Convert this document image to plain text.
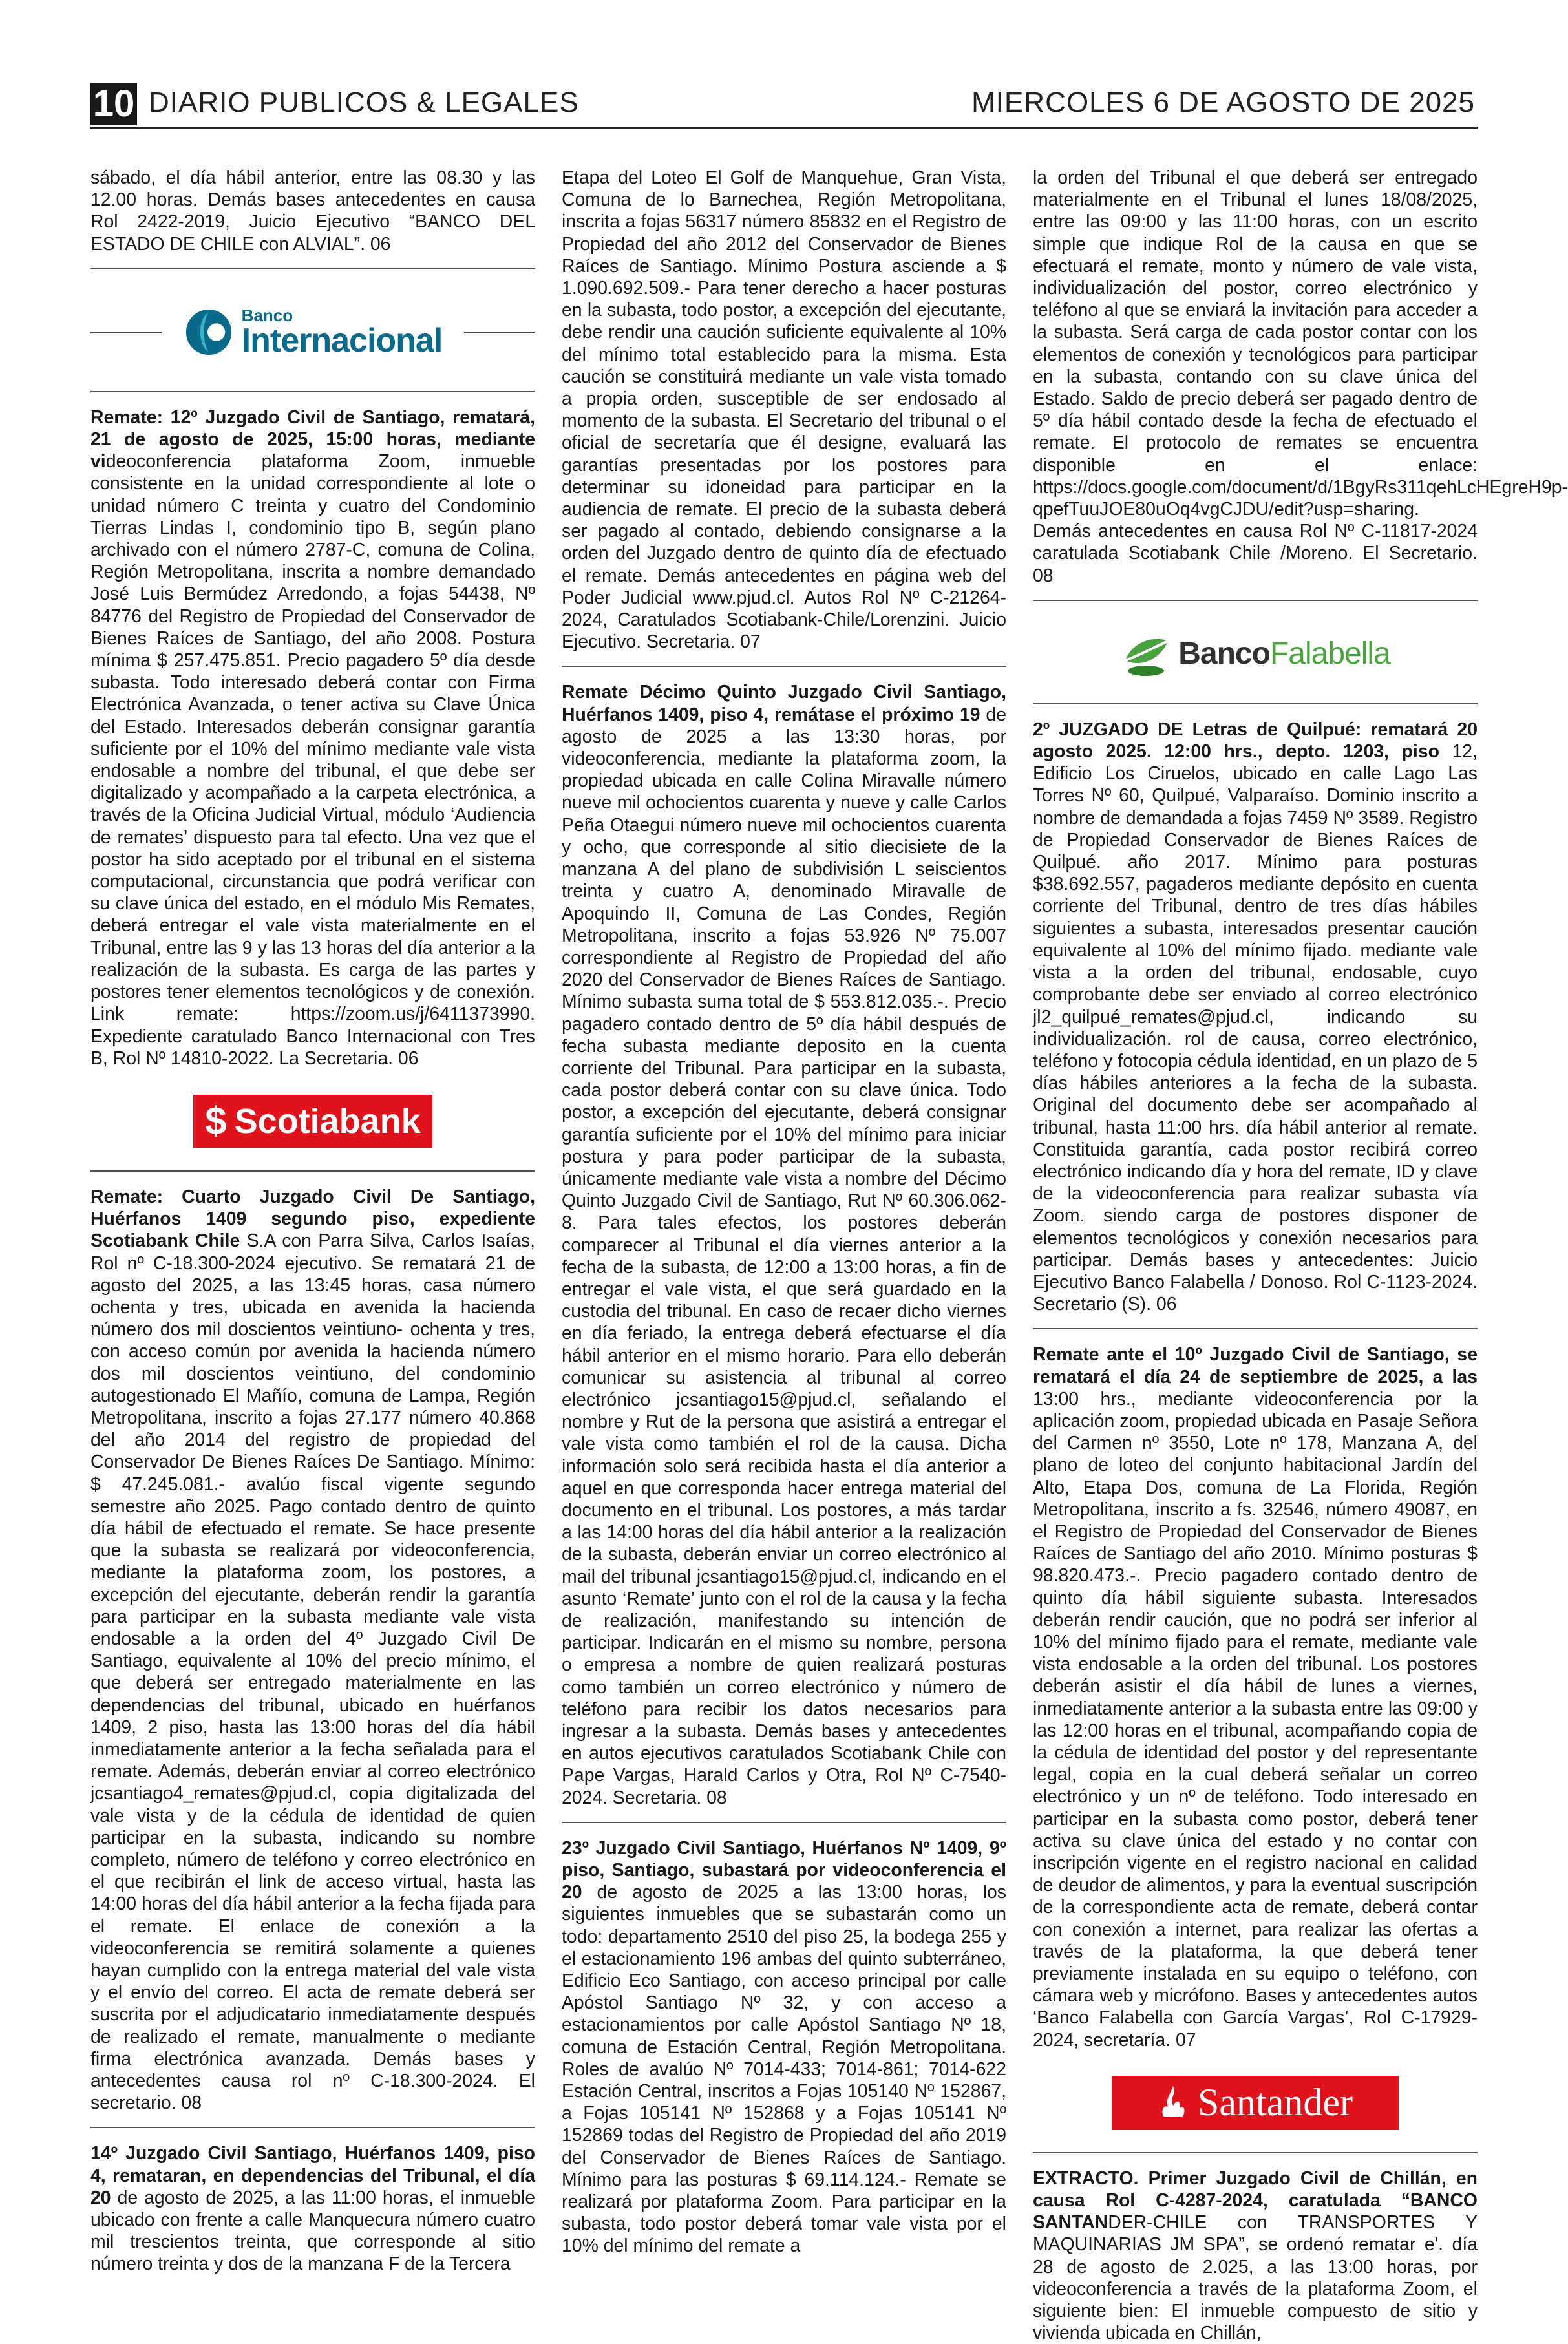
10 DIARIO PUBLICOS & LEGALES	MIERCOLES 6 DE AGOSTO DE 2025

sábado, el día hábil anterior, entre las 08.30 y las 12.00 horas. Demás bases antecedentes en causa Rol 2422-2019, Juicio Ejecutivo “BANCO DEL ESTADO DE CHILE con ALVIAL”. 06

Banco
Internacional

Remate: 12º Juzgado Civil de Santiago, rematará, 21 de agosto de 2025, 15:00 horas, mediante videoconferencia plataforma Zoom, inmueble consistente en la unidad correspondiente al lote o unidad número C treinta y cuatro del Condominio Tierras Lindas I, condominio tipo B, según plano archivado con el número 2787-C, comuna de Colina, Región Metropolitana, inscrita a nombre demandado José Luis Bermúdez Arredondo, a fojas 54438, Nº 84776 del Registro de Propiedad del Conservador de Bienes Raíces de Santiago, del año 2008. Postura mínima $ 257.475.851. Precio pagadero 5º día desde subasta. Todo interesado deberá contar con Firma Electrónica Avanzada, o tener activa su Clave Única del Estado. Interesados deberán consignar garantía suficiente por el 10% del mínimo mediante vale vista endosable a nombre del tribunal, el que debe ser digitalizado y acompañado a la carpeta electrónica, a través de la Oficina Judicial Virtual, módulo ‘Audiencia de remates’ dispuesto para tal efecto. Una vez que el postor ha sido aceptado por el tribunal en el sistema computacional, circunstancia que podrá verificar con su clave única del estado, en el módulo Mis Remates, deberá entregar el vale vista materialmente en el Tribunal, entre las 9 y las 13 horas del día anterior a la realización de la subasta. Es carga de las partes y postores tener elementos tecnológicos y de conexión. Link remate: https://zoom.us/j/6411373990. Expediente caratulado Banco Internacional con Tres B, Rol Nº 14810-2022. La Secretaria. 06

$ Scotiabank

Remate: Cuarto Juzgado Civil De Santiago, Huérfanos 1409 segundo piso, expediente Scotiabank Chile S.A con Parra Silva, Carlos Isaías, Rol nº C-18.300-2024 ejecutivo. Se rematará 21 de agosto del 2025, a las 13:45 horas, casa número ochenta y tres, ubicada en avenida la hacienda número dos mil doscientos veintiuno- ochenta y tres, con acceso común por avenida la hacienda número dos mil doscientos veintiuno, del condominio autogestionado El Mañío, comuna de Lampa, Región Metropolitana, inscrito a fojas 27.177 número 40.868 del año 2014 del registro de propiedad del Conservador De Bienes Raíces De Santiago. Mínimo: $ 47.245.081.- avalúo fiscal vigente segundo semestre año 2025. Pago contado dentro de quinto día hábil de efectuado el remate. Se hace presente que la subasta se realizará por videoconferencia, mediante la plataforma zoom, los postores, a excepción del ejecutante, deberán rendir la garantía para participar en la subasta mediante vale vista endosable a la orden del 4º Juzgado Civil De Santiago, equivalente al 10% del precio mínimo, el que deberá ser entregado materialmente en las dependencias del tribunal, ubicado en huérfanos 1409, 2 piso, hasta las 13:00 horas del día hábil inmediatamente anterior a la fecha señalada para el remate. Además, deberán enviar al correo electrónico jcsantiago4_remates@pjud.cl, copia digitalizada del vale vista y de la cédula de identidad de quien participar en la subasta, indicando su nombre completo, número de teléfono y correo electrónico en el que recibirán el link de acceso virtual, hasta las 14:00 horas del día hábil anterior a la fecha fijada para el remate. El enlace de conexión a la videoconferencia se remitirá solamente a quienes hayan cumplido con la entrega material del vale vista y el envío del correo. El acta de remate deberá ser suscrita por el adjudicatario inmediatamente después de realizado el remate, manualmente o mediante firma electrónica avanzada. Demás bases y antecedentes causa rol nº C-18.300-2024. El secretario. 08

14º Juzgado Civil Santiago, Huérfanos 1409, piso 4, remataran, en dependencias del Tribunal, el día 20 de agosto de 2025, a las 11:00 horas, el inmueble ubicado con frente a calle Manquecura número cuatro mil trescientos treinta, que corresponde al sitio número treinta y dos de la manzana F de la Tercera

Etapa del Loteo El Golf de Manquehue, Gran Vista, Comuna de lo Barnechea, Región Metropolitana, inscrita a fojas 56317 número 85832 en el Registro de Propiedad del año 2012 del Conservador de Bienes Raíces de Santiago. Mínimo Postura asciende a $ 1.090.692.509.- Para tener derecho a hacer posturas en la subasta, todo postor, a excepción del ejecutante, debe rendir una caución suficiente equivalente al 10% del mínimo total establecido para la misma. Esta caución se constituirá mediante un vale vista tomado a propia orden, susceptible de ser endosado al momento de la subasta. El Secretario del tribunal o el oficial de secretaría que él designe, evaluará las garantías presentadas por los postores para determinar su idoneidad para participar en la audiencia de remate. El precio de la subasta deberá ser pagado al contado, debiendo consignarse a la orden del Juzgado dentro de quinto día de efectuado el remate. Demás antecedentes en página web del Poder Judicial www.pjud.cl. Autos Rol Nº C-21264-2024, Caratulados Scotiabank-Chile/Lorenzini. Juicio Ejecutivo. Secretaria. 07

Remate Décimo Quinto Juzgado Civil Santiago, Huérfanos 1409, piso 4, remátase el próximo 19 de agosto de 2025 a las 13:30 horas, por videoconferencia, mediante la plataforma zoom, la propiedad ubicada en calle Colina Miravalle número nueve mil ochocientos cuarenta y nueve y calle Carlos Peña Otaegui número nueve mil ochocientos cuarenta y ocho, que corresponde al sitio diecisiete de la manzana A del plano de subdivisión L seiscientos treinta y cuatro A, denominado Miravalle de Apoquindo II, Comuna de Las Condes, Región Metropolitana, inscrito a fojas 53.926 Nº 75.007 correspondiente al Registro de Propiedad del año 2020 del Conservador de Bienes Raíces de Santiago. Mínimo subasta suma total de $ 553.812.035.-. Precio pagadero contado dentro de 5º día hábil después de fecha subasta mediante deposito en la cuenta corriente del Tribunal. Para participar en la subasta, cada postor deberá contar con su clave única. Todo postor, a excepción del ejecutante, deberá consignar garantía suficiente por el 10% del mínimo para iniciar postura y para poder participar de la subasta, únicamente mediante vale vista a nombre del Décimo Quinto Juzgado Civil de Santiago, Rut Nº 60.306.062-8. Para tales efectos, los postores deberán comparecer al Tribunal el día viernes anterior a la fecha de la subasta, de 12:00 a 13:00 horas, a fin de entregar el vale vista, el que será guardado en la custodia del tribunal. En caso de recaer dicho viernes en día feriado, la entrega deberá efectuarse el día hábil anterior en el mismo horario. Para ello deberán comunicar su asistencia al tribunal al correo electrónico jcsantiago15@pjud.cl, señalando el nombre y Rut de la persona que asistirá a entregar el vale vista como también el rol de la causa. Dicha información solo será recibida hasta el día anterior a aquel en que corresponda hacer entrega material del documento en el tribunal. Los postores, a más tardar a las 14:00 horas del día hábil anterior a la realización de la subasta, deberán enviar un correo electrónico al mail del tribunal jcsantiago15@pjud.cl, indicando en el asunto ‘Remate’ junto con el rol de la causa y la fecha de realización, manifestando su intención de participar. Indicarán en el mismo su nombre, persona o empresa a nombre de quien realizará posturas como también un correo electrónico y número de teléfono para recibir los datos necesarios para ingresar a la subasta. Demás bases y antecedentes en autos ejecutivos caratulados Scotiabank Chile con Pape Vargas, Harald Carlos y Otra, Rol Nº C-7540-2024. Secretaria. 08

23º Juzgado Civil Santiago, Huérfanos Nº 1409, 9º piso, Santiago, subastará por videoconferencia el 20 de agosto de 2025 a las 13:00 horas, los siguientes inmuebles que se subastarán como un todo: departamento 2510 del piso 25, la bodega 255 y el estacionamiento 196 ambas del quinto subterráneo, Edificio Eco Santiago, con acceso principal por calle Apóstol Santiago Nº 32, y con acceso a estacionamientos por calle Apóstol Santiago Nº 18, comuna de Estación Central, Región Metropolitana. Roles de avalúo Nº 7014-433; 7014-861; 7014-622 Estación Central, inscritos a Fojas 105140 Nº 152867, a Fojas 105141 Nº 152868 y a Fojas 105141 Nº 152869 todas del Registro de Propiedad del año 2019 del Conservador de Bienes Raíces de Santiago. Mínimo para las posturas $ 69.114.124.- Remate se realizará por plataforma Zoom. Para participar en la subasta, todo postor deberá tomar vale vista por el 10% del mínimo del remate a

la orden del Tribunal el que deberá ser entregado materialmente en el Tribunal el lunes 18/08/2025, entre las 09:00 y las 11:00 horas, con un escrito simple que indique Rol de la causa en que se efectuará el remate, monto y número de vale vista, individualización del postor, correo electrónico y teléfono al que se enviará la invitación para acceder a la subasta. Será carga de cada postor contar con los elementos de conexión y tecnológicos para participar en la subasta, contando con su clave única del Estado. Saldo de precio deberá ser pagado dentro de 5º día hábil contado desde la fecha de efectuado el remate. El protocolo de remates se encuentra disponible en el enlace: https://docs.google.com/document/d/1BgyRs311qehLcHEgreH9p-qpefTuuJOE80uOq4vgCJDU/edit?usp=sharing. Demás antecedentes en causa Rol Nº C-11817-2024 caratulada Scotiabank Chile /Moreno. El Secretario. 08

BancoFalabella

2º JUZGADO DE Letras de Quilpué: rematará 20 agosto 2025. 12:00 hrs., depto. 1203, piso 12, Edificio Los Ciruelos, ubicado en calle Lago Las Torres Nº 60, Quilpué, Valparaíso. Dominio inscrito a nombre de demandada a fojas 7459 Nº 3589. Registro de Propiedad Conservador de Bienes Raíces de Quilpué. año 2017. Mínimo para posturas $38.692.557, pagaderos mediante depósito en cuenta corriente del Tribunal, dentro de tres días hábiles siguientes a subasta, interesados presentar caución equivalente al 10% del mínimo fijado. mediante vale vista a la orden del tribunal, endosable, cuyo comprobante debe ser enviado al correo electrónico jl2_quilpué_remates@pjud.cl, indicando su individualización. rol de causa, correo electrónico, teléfono y fotocopia cédula identidad, en un plazo de 5 días hábiles anteriores a la fecha de la subasta. Original del documento debe ser acompañado al tribunal, hasta 11:00 hrs. día hábil anterior al remate. Constituida garantía, cada postor recibirá correo electrónico indicando día y hora del remate, ID y clave de la videoconferencia para realizar subasta vía Zoom. siendo carga de postores disponer de elementos tecnológicos y conexión necesarios para participar. Demás bases y antecedentes: Juicio Ejecutivo Banco Falabella / Donoso. Rol C-1123-2024. Secretario (S). 06

Remate ante el 10º Juzgado Civil de Santiago, se rematará el día 24 de septiembre de 2025, a las 13:00 hrs., mediante videoconferencia por la aplicación zoom, propiedad ubicada en Pasaje Señora del Carmen nº 3550, Lote nº 178, Manzana A, del plano de loteo del conjunto habitacional Jardín del Alto, Etapa Dos, comuna de La Florida, Región Metropolitana, inscrito a fs. 32546, número 49087, en el Registro de Propiedad del Conservador de Bienes Raíces de Santiago del año 2010. Mínimo posturas $ 98.820.473.-. Precio pagadero contado dentro de quinto día hábil siguiente subasta. Interesados deberán rendir caución, que no podrá ser inferior al 10% del mínimo fijado para el remate, mediante vale vista endosable a la orden del tribunal. Los postores deberán asistir el día hábil de lunes a viernes, inmediatamente anterior a la subasta entre las 09:00 y las 12:00 horas en el tribunal, acompañando copia de la cédula de identidad del postor y del representante legal, copia en la cual deberá señalar un correo electrónico y un nº de teléfono. Todo interesado en participar en la subasta como postor, deberá tener activa su clave única del estado y no contar con inscripción vigente en el registro nacional en calidad de deudor de alimentos, y para la eventual suscripción de la correspondiente acta de remate, deberá contar con conexión a internet, para realizar las ofertas a través de la plataforma, la que deberá tener previamente instalada en su equipo o teléfono, con cámara web y micrófono. Bases y antecedentes autos ‘Banco Falabella con García Vargas’, Rol C-17929-2024, secretaría. 07

Santander

EXTRACTO. Primer Juzgado Civil de Chillán, en causa Rol C-4287-2024, caratulada “BANCO SANTANDER-CHILE con TRANSPORTES Y MAQUINARIAS JM SPA”, se ordenó rematar e'. día 28 de agosto de 2.025, a las 13:00 horas, por videoconferencia a través de la plataforma Zoom, el siguiente bien: El inmueble compuesto de sitio y vivienda ubicada en Chillán,
